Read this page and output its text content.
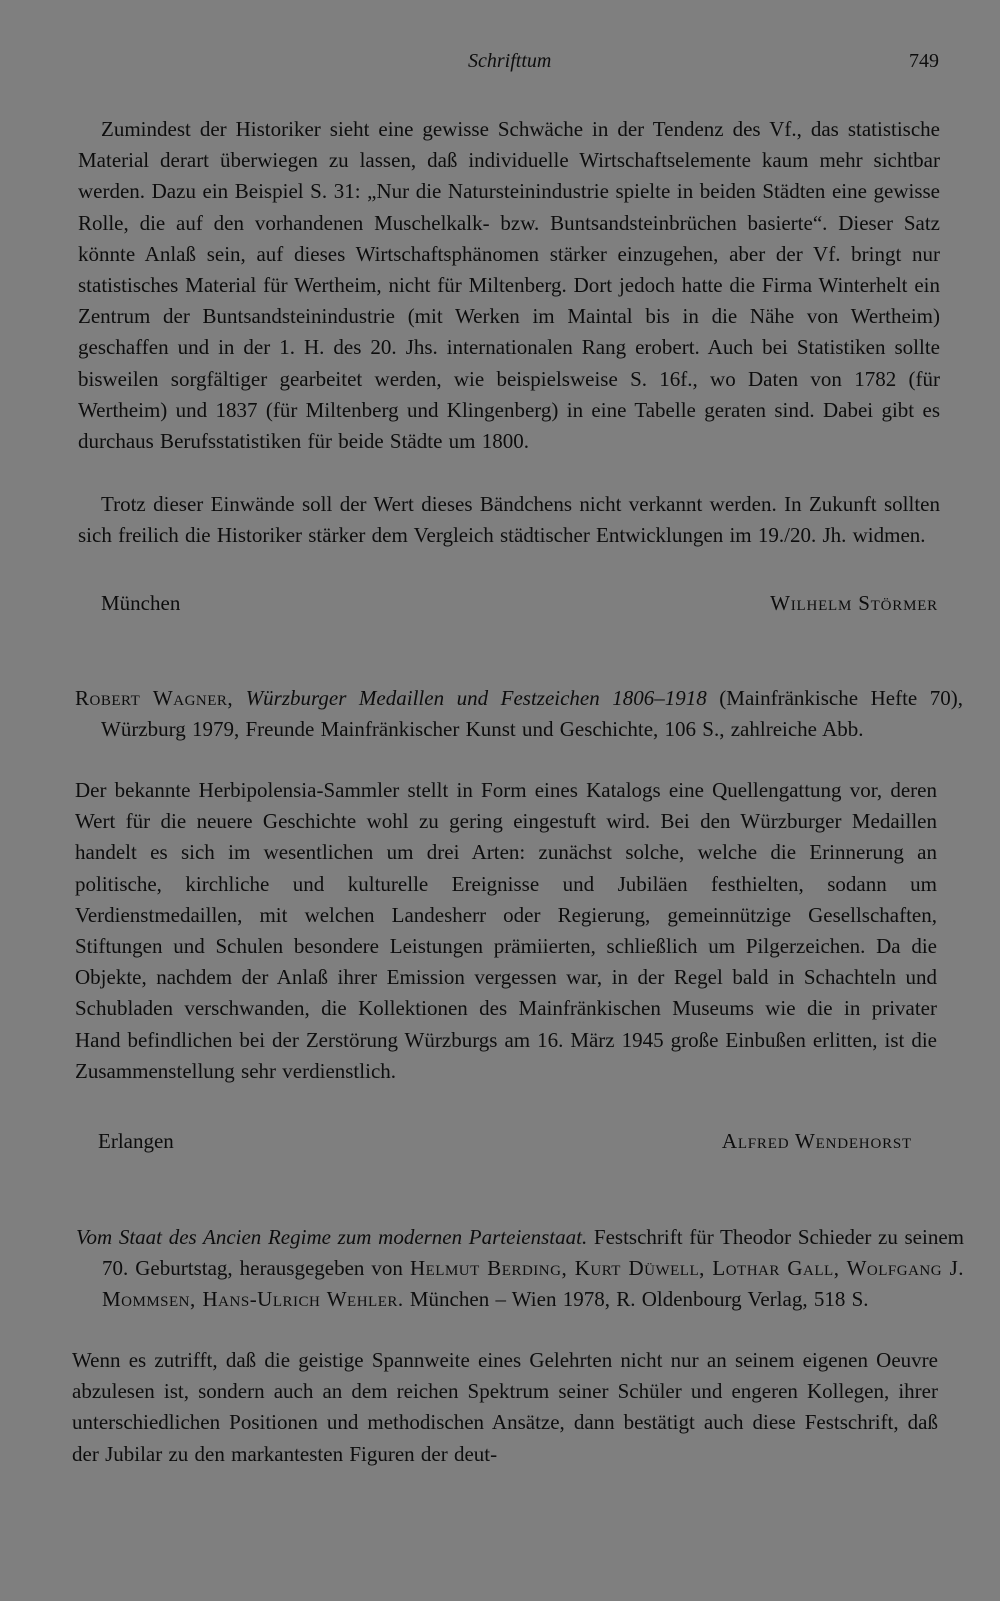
Schrifttum	749

Zumindest der Historiker sieht eine gewisse Schwäche in der Tendenz des Vf., das statistische Material derart überwiegen zu lassen, daß individuelle Wirtschaftselemente kaum mehr sichtbar werden. Dazu ein Beispiel S. 31: „Nur die Natursteinindustrie spielte in beiden Städten eine gewisse Rolle, die auf den vorhandenen Muschelkalk- bzw. Buntsandsteinbrüchen basierte“. Dieser Satz könnte Anlaß sein, auf dieses Wirtschaftsphänomen stärker einzugehen, aber der Vf. bringt nur statistisches Material für Wertheim, nicht für Miltenberg. Dort jedoch hatte die Firma Winterhelt ein Zentrum der Buntsandsteinindustrie (mit Werken im Maintal bis in die Nähe von Wertheim) geschaffen und in der 1. H. des 20. Jhs. internationalen Rang erobert. Auch bei Statistiken sollte bisweilen sorgfältiger gearbeitet werden, wie beispielsweise S. 16f., wo Daten von 1782 (für Wertheim) und 1837 (für Miltenberg und Klingenberg) in eine Tabelle geraten sind. Dabei gibt es durchaus Berufsstatistiken für beide Städte um 1800.

Trotz dieser Einwände soll der Wert dieses Bändchens nicht verkannt werden. In Zukunft sollten sich freilich die Historiker stärker dem Vergleich städtischer Entwicklungen im 19./20. Jh. widmen.

München	Wilhelm Störmer

Robert Wagner, Würzburger Medaillen und Festzeichen 1806–1918 (Mainfränkische Hefte 70), Würzburg 1979, Freunde Mainfränkischer Kunst und Geschichte, 106 S., zahlreiche Abb.

Der bekannte Herbipolensia-Sammler stellt in Form eines Katalogs eine Quellengattung vor, deren Wert für die neuere Geschichte wohl zu gering eingestuft wird. Bei den Würzburger Medaillen handelt es sich im wesentlichen um drei Arten: zunächst solche, welche die Erinnerung an politische, kirchliche und kulturelle Ereignisse und Jubiläen festhielten, sodann um Verdienstmedaillen, mit welchen Landesherr oder Regierung, gemeinnützige Gesellschaften, Stiftungen und Schulen besondere Leistungen prämiierten, schließlich um Pilgerzeichen. Da die Objekte, nachdem der Anlaß ihrer Emission vergessen war, in der Regel bald in Schachteln und Schubladen verschwanden, die Kollektionen des Mainfränkischen Museums wie die in privater Hand befindlichen bei der Zerstörung Würzburgs am 16. März 1945 große Einbußen erlitten, ist die Zusammenstellung sehr verdienstlich.

Erlangen	Alfred Wendehorst

Vom Staat des Ancien Regime zum modernen Parteienstaat. Festschrift für Theodor Schieder zu seinem 70. Geburtstag, herausgegeben von Helmut Berding, Kurt Düwell, Lothar Gall, Wolfgang J. Mommsen, Hans-Ulrich Wehler. München – Wien 1978, R. Oldenbourg Verlag, 518 S.

Wenn es zutrifft, daß die geistige Spannweite eines Gelehrten nicht nur an seinem eigenen Oeuvre abzulesen ist, sondern auch an dem reichen Spektrum seiner Schüler und engeren Kollegen, ihrer unterschiedlichen Positionen und methodischen Ansätze, dann bestätigt auch diese Festschrift, daß der Jubilar zu den markantesten Figuren der deut-
